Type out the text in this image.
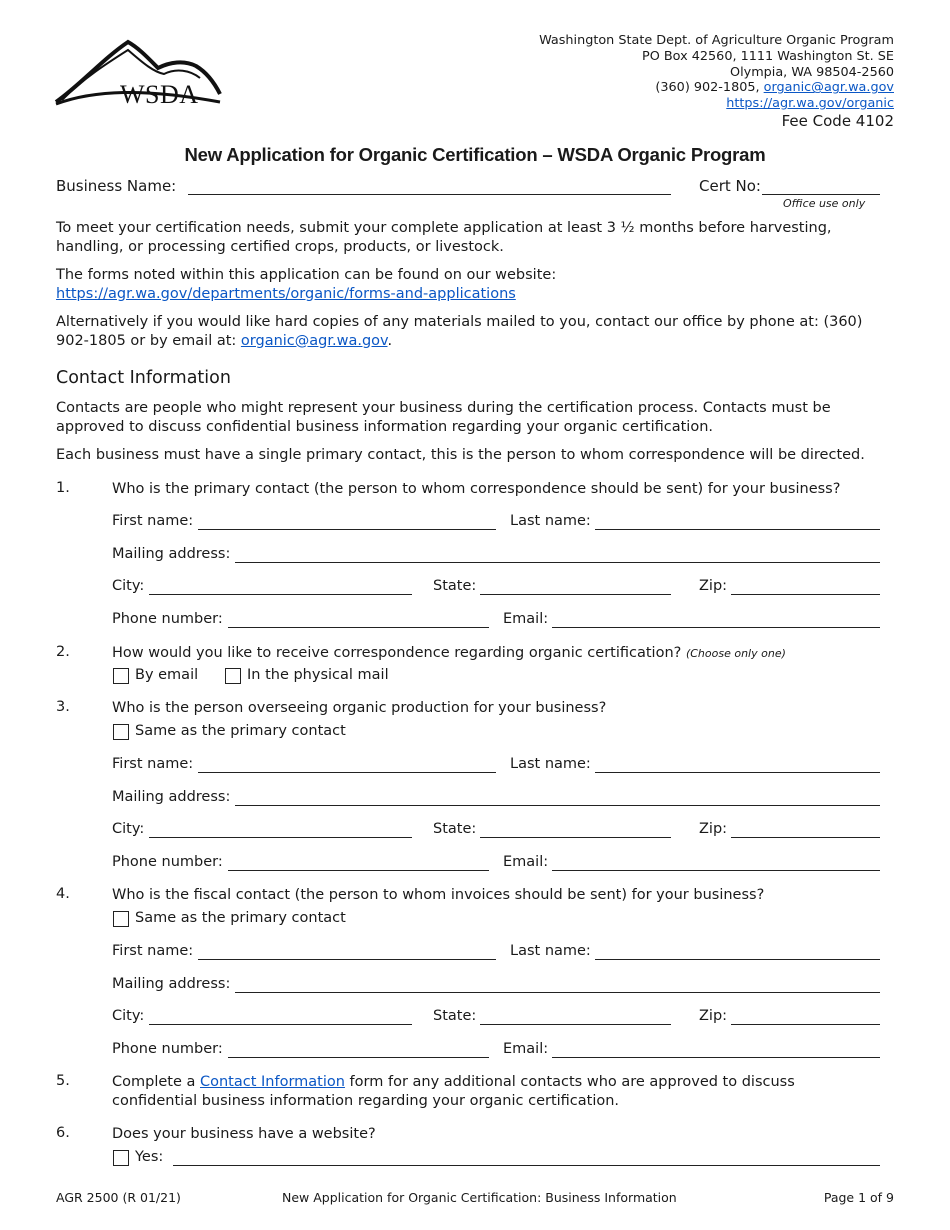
WSDA
Washington State Dept. of Agriculture Organic Program
PO Box 42560, 1111 Washington St. SE
Olympia, WA 98504-2560
(360) 902-1805, organic@agr.wa.gov
https://agr.wa.gov/organic
Fee Code 4102
New Application for Organic Certification – WSDA Organic Program
Business Name:	Cert No:
Office use only
To meet your certification needs, submit your complete application at least 3 ½ months before harvesting, handling, or processing certified crops, products, or livestock.
The forms noted within this application can be found on our website: https://agr.wa.gov/departments/organic/forms-and-applications
Alternatively if you would like hard copies of any materials mailed to you, contact our office by phone at: (360) 902-1805 or by email at: organic@agr.wa.gov.
Contact Information
Contacts are people who might represent your business during the certification process. Contacts must be approved to discuss confidential business information regarding your organic certification.
Each business must have a single primary contact, this is the person to whom correspondence will be directed.
1.	Who is the primary contact (the person to whom correspondence should be sent) for your business?
First name:	Last name:
Mailing address:
City:	State:	Zip:
Phone number:	Email:
2.	How would you like to receive correspondence regarding organic certification? (Choose only one)
By email	In the physical mail
3.	Who is the person overseeing organic production for your business?
Same as the primary contact
First name:	Last name:
Mailing address:
City:	State:	Zip:
Phone number:	Email:
4.	Who is the fiscal contact (the person to whom invoices should be sent) for your business?
Same as the primary contact
First name:	Last name:
Mailing address:
City:	State:	Zip:
Phone number:	Email:
5.	Complete a Contact Information form for any additional contacts who are approved to discuss confidential business information regarding your organic certification.
6.	Does your business have a website?
Yes:
AGR 2500 (R 01/21)	New Application for Organic Certification: Business Information	Page 1 of 9
